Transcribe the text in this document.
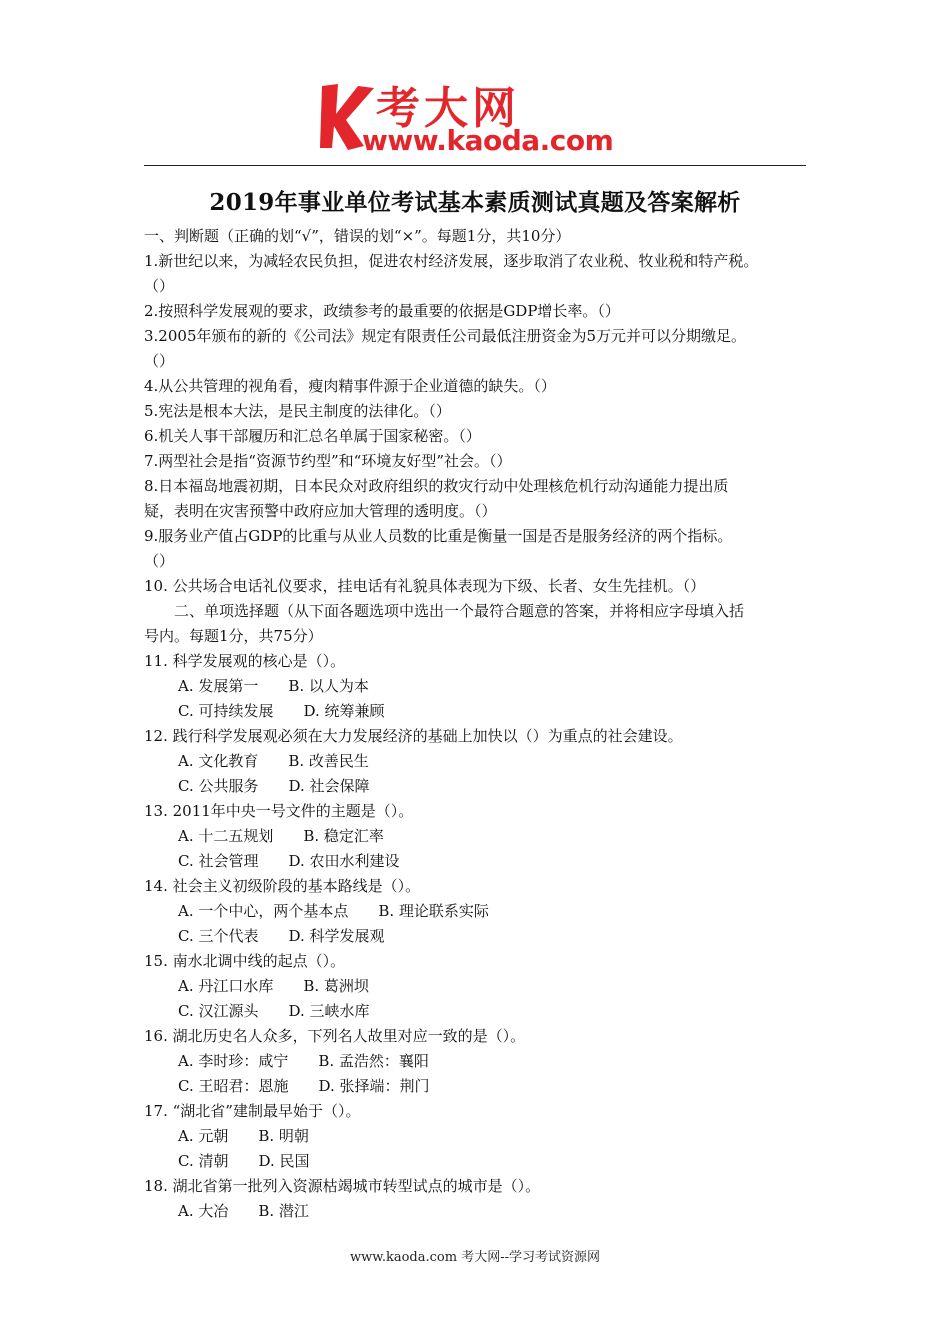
考大网
www.kaoda.com
2019年事业单位考试基本素质测试真题及答案解析
一、判断题（正确的划“√”，错误的划“×”。每题1分，共10分）
1.新世纪以来，为减轻农民负担，促进农村经济发展，逐步取消了农业税、牧业税和特产税。
（）
2.按照科学发展观的要求，政绩参考的最重要的依据是GDP增长率。（）
3.2005年颁布的新的《公司法》规定有限责任公司最低注册资金为5万元并可以分期缴足。
（）
4.从公共管理的视角看，瘦肉精事件源于企业道德的缺失。（）
5.宪法是根本大法，是民主制度的法律化。（）
6.机关人事干部履历和汇总名单属于国家秘密。（）
7.两型社会是指“资源节约型”和“环境友好型”社会。（）
8.日本福岛地震初期，日本民众对政府组织的救灾行动中处理核危机行动沟通能力提出质
疑，表明在灾害预警中政府应加大管理的透明度。（）
9.服务业产值占GDP的比重与从业人员数的比重是衡量一国是否是服务经济的两个指标。
（）
10. 公共场合电话礼仪要求，挂电话有礼貌具体表现为下级、长者、女生先挂机。（）
　　二、单项选择题（从下面各题选项中选出一个最符合题意的答案，并将相应字母填入括
号内。每题1分，共75分）
11. 科学发展观的核心是（）。
A. 发展第一　　B. 以人为本
C. 可持续发展　　D. 统筹兼顾
12. 践行科学发展观必须在大力发展经济的基础上加快以（）为重点的社会建设。
A. 文化教育　　B. 改善民生
C. 公共服务　　D. 社会保障
13. 2011年中央一号文件的主题是（）。
A. 十二五规划　　B. 稳定汇率
C. 社会管理　　D. 农田水利建设
14. 社会主义初级阶段的基本路线是（）。
A. 一个中心，两个基本点　　B. 理论联系实际
C. 三个代表　　D. 科学发展观
15. 南水北调中线的起点（）。
A. 丹江口水库　　B. 葛洲坝
C. 汉江源头　　D. 三峡水库
16. 湖北历史名人众多，下列名人故里对应一致的是（）。
A. 李时珍：咸宁　　B. 孟浩然：襄阳
C. 王昭君：恩施　　D. 张择端：荆门
17. “湖北省”建制最早始于（）。
A. 元朝　　B. 明朝
C. 清朝　　D. 民国
18. 湖北省第一批列入资源枯竭城市转型试点的城市是（）。
A. 大冶　　B. 潜江
www.kaoda.com 考大网--学习考试资源网
